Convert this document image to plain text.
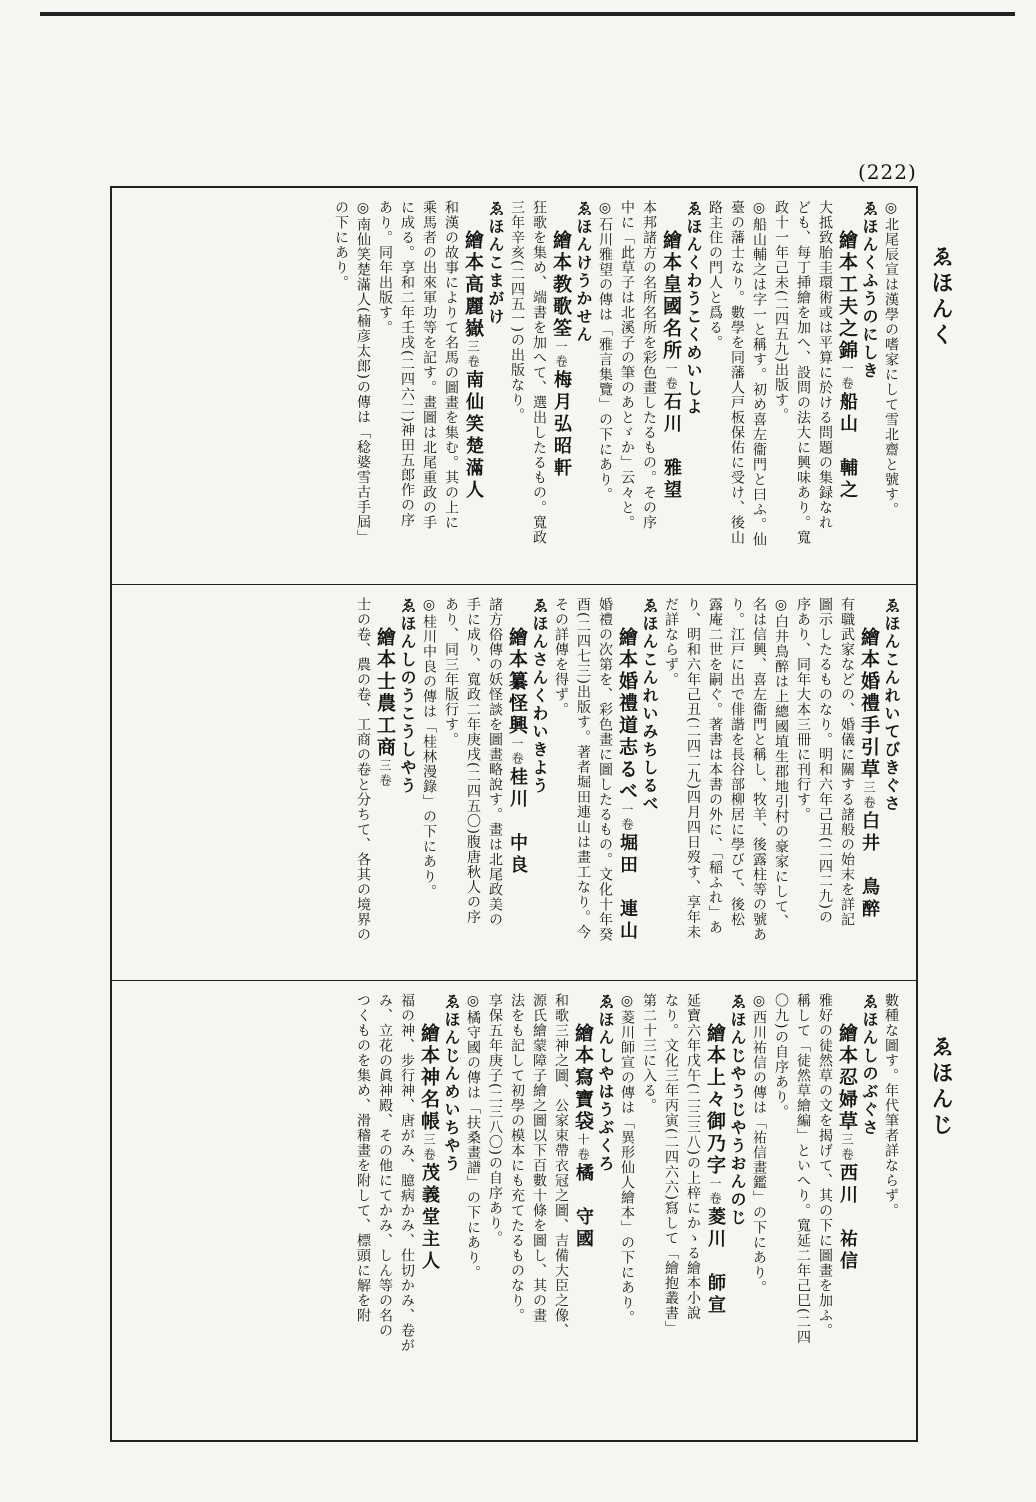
(222)
ゑほんく
ゑほんじ
◎北尾辰宣は漢學の嗜家にして雪北齋と號す。
ゑほんくふうのにしき
繪本工夫之錦一卷船山　輔之
大抵致胎圭環術或は平算に於ける問題の集録なれ
ども、每丁挿繪を加へ、設問の法大に興味あり。寬
政十一年己未(二四五九)出版す。
◎船山輔之は字一と稱す。初め喜左衞門と曰ふ。仙
臺の藩士なり。數學を同藩人戸板保佑に受け、後山
路主住の門人と爲る。
ゑほんくわうこくめいしよ
繪本皇國名所一卷石川　雅望
本邦諸方の名所名所を彩色畫したるもの。その序
中に「此草子は北溪子の筆のあとゞか」云々と。
◎石川雅望の傳は「雅言集覽」の下にあり。
ゑほんけうかせん
繪本教歌筌一卷梅月弘昭軒
狂歌を集め、端書を加へて、選出したるもの。寬政
三年辛亥(二四五一)の出版なり。
ゑほんこまがけ
繪本高麗嶽三卷南仙笑楚滿人
和漢の故事によりて名馬の圖畫を集む。其の上に
乘馬者の出來軍功等を記す。畫圖は北尾重政の手
に成る。享和二年壬戌(二四六二)神田五郎作の序
あり。同年出版す。
◎南仙笑楚滿人(楠彦太郎)の傳は「稔婆雪古手屆」
の下にあり。
ゑほんこんれいてびきぐさ
繪本婚禮手引草三卷白井　鳥醉
有職武家などの、婚儀に關する諸般の始末を詳記
圖示したるものなり。明和六年己丑(二四二九)の
序あり、同年大本三冊に刊行す。
◎白井鳥醉は上總國埴生郡地引村の豪家にして、
名は信興、喜左衞門と稱し、牧羊、後露柱等の號あ
り。江戸に出で俳諧を長谷部柳居に學びて、後松
露庵二世を嗣ぐ。著書は本書の外に、「稲ふれ」あ
り、明和六年己丑(二四二九)四月四日歿す、享年未
だ詳ならず。
ゑほんこんれいみちしるべ
繪本婚禮道志るべ一卷堀田　連山
婚禮の次第を、彩色畫に圖したるもの。文化十年癸
酉(二四七三)出版す。著者堀田連山は畫工なり。今
その詳傳を得ず。
ゑほんさんくわいきよう
繪本纂怪興一卷桂川　中良
諸方俗傳の妖怪談を圖畫略說す。畫は北尾政美の
手に成り、寬政二年庚戌(二四五〇)腹唐秋人の序
あり、同三年版行す。
◎桂川中良の傳は「桂林漫錄」の下にあり。
ゑほんしのうこうしやう
繪本士農工商三卷
士の卷、農の卷、工商の卷と分ちて、各其の境界の
數種な圖す。年代筆者詳ならず。
ゑほんしのぶぐさ
繪本忍婦草三卷西川　祐信
雅好の徒然草の文を揭げて、其の下に圖畫を加ふ。
稱して「徒然草繪編」といへり。寬延二年己巳(二四
〇九)の自序あり。
◎西川祐信の傳は「祐信畫鑑」の下にあり。
ゑほんじやうじやうおんのじ
繪本上々御乃字一卷菱川　師宣
延寶六年戊午(二三三八)の上梓にかゝる繪本小說
なり。文化三年丙寅(二四六六)寫して「繪抱叢書」
第二十三に入る。
◎菱川師宣の傳は「異形仙人繪本」の下にあり。
ゑほんしやはうぶくろ
繪本寫寶袋十卷橘　守國
和歌三神之圖、公家束帶衣冠之圖、吉備大臣之像、
源氏繪蒙障子繪之圖以下百數十條を圖し、其の畫
法をも記して初學の模本にも充てたるものなり。
享保五年庚子(二三八〇)の自序あり。
◎橘守國の傳は「扶桑畫譜」の下にあり。
ゑほんじんめいちやう
繪本神名帳三卷茂義堂主人
福の神、步行神、唐がみ、臆病かみ、仕切かみ、卷が
み、立花の眞神殿、その他にてかみ、しん等の名の
つくものを集め、滑稽畫を附して、標頭に解を附
